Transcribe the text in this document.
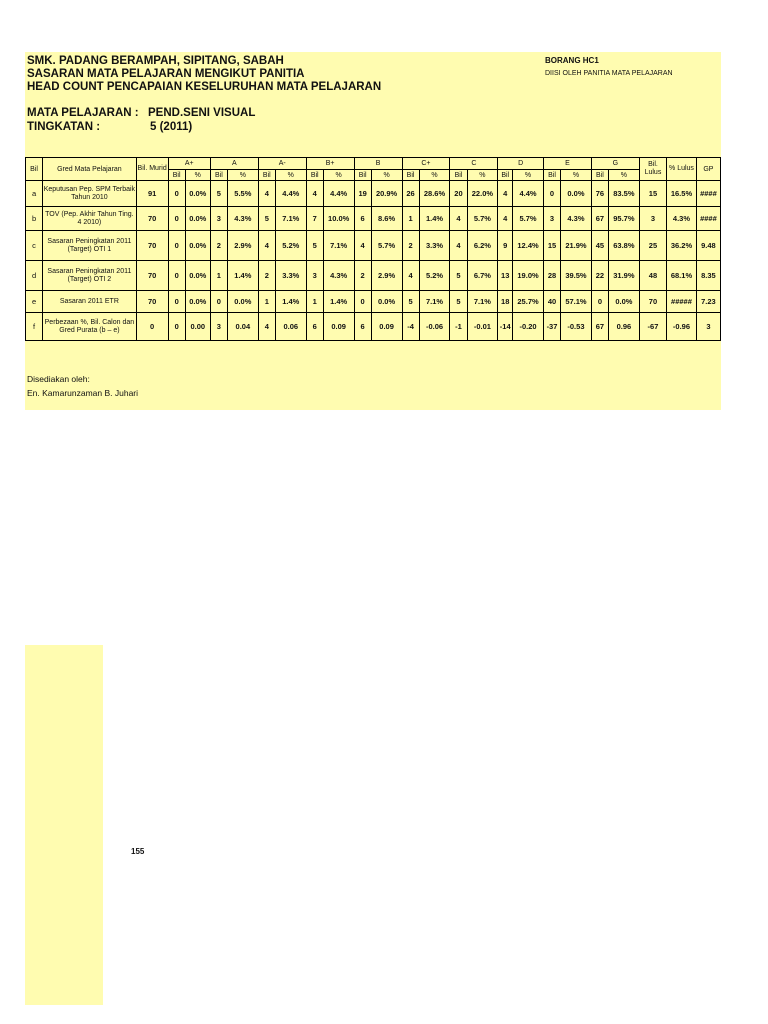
SMK. PADANG BERAMPAH, SIPITANG, SABAH
SASARAN MATA PELAJARAN MENGIKUT PANITIA
HEAD COUNT PENCAPAIAN KESELURUHAN MATA PELAJARAN
BORANG HC1
DIISI OLEH PANITIA MATA PELAJARAN
MATA PELAJARAN : PEND.SENI VISUAL
TINGKATAN :	5 (2011)
Bil	Gred Mata Pelajaran	Bil. Murid	A+		A		A-		B+		B		C+		C		D		E		G		Bil. Lulus	% Lulus	GP
			Bil	%	Bil	%	Bil	%	Bil	%	Bil	%	Bil	%	Bil	%	Bil	%	Bil	%	Bil	%			
a	Keputusan Pep. SPM Terbaik Tahun 2010	91	0	0.0%	5	5.5%	4	4.4%	4	4.4%	19	20.9%	26	28.6%	20	22.0%	4	4.4%	0	0.0%	76	83.5%	15	16.5%	####
b	TOV (Pep. Akhir Tahun Ting. 4 2010)	70	0	0.0%	3	4.3%	5	7.1%	7	10.0%	6	8.6%	1	1.4%	4	5.7%	4	5.7%	3	4.3%	67	95.7%	3	4.3%	####
c	Sasaran Peningkatan 2011 (Target) OTI 1	70	0	0.0%	2	2.9%	4	5.2%	5	7.1%	4	5.7%	2	3.3%	4	6.2%	9	12.4%	15	21.9%	45	63.8%	25	36.2%	9.48
d	Sasaran Peningkatan 2011 (Target) OTI 2	70	0	0.0%	1	1.4%	2	3.3%	3	4.3%	2	2.9%	4	5.2%	5	6.7%	13	19.0%	28	39.5%	22	31.9%	48	68.1%	8.35
e	Sasaran 2011 ETR	70	0	0.0%	0	0.0%	1	1.4%	1	1.4%	0	0.0%	5	7.1%	5	7.1%	18	25.7%	40	57.1%	0	0.0%	70	#####	7.23
f	Perbezaan %, Bil. Calon dan Gred Purata (b – e)	0	0	0.00	3	0.04	4	0.06	6	0.09	6	0.09	-4	-0.06	-1	-0.01	-14	-0.20	-37	-0.53	67	0.96	-67	-0.96	3
Disediakan oleh:
En. Kamarunzaman B. Juhari
155
